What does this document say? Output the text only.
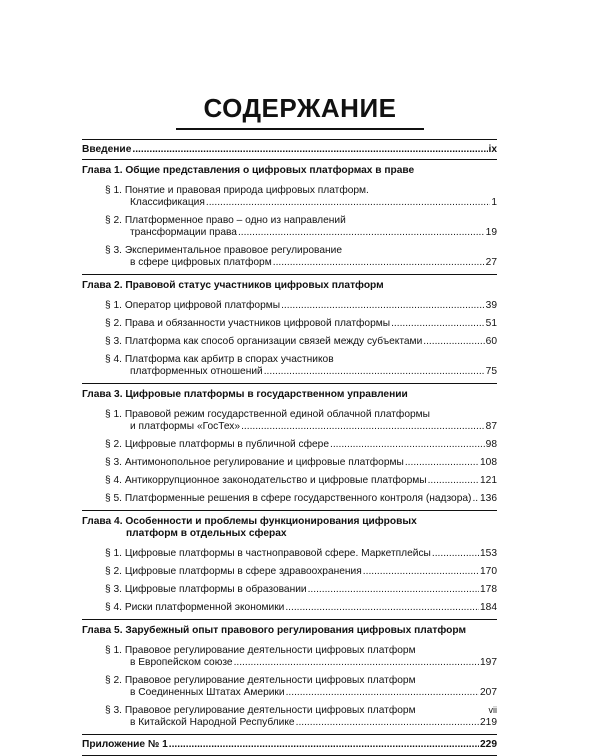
СОДЕРЖАНИЕ
Введение .....	ix
Глава 1. Общие представления о цифровых платформах в праве
§ 1. Понятие и правовая природа цифровых платформ.
Классификация .....	1
§ 2. Платформенное право – одно из направлений
трансформации права .....	19
§ 3. Экспериментальное правовое регулирование
в сфере цифровых платформ .....	27
Глава 2. Правовой статус участников цифровых платформ
§ 1. Оператор цифровой платформы .....	39
§ 2. Права и обязанности участников цифровой платформы .....	51
§ 3. Платформа как способ организации связей между субъектами .....	60
§ 4. Платформа как арбитр в спорах участников
платформенных отношений .....	75
Глава 3. Цифровые платформы в государственном управлении
§ 1. Правовой режим государственной единой облачной платформы
и платформы «ГосТех» .....	87
§ 2. Цифровые платформы в публичной сфере .....	98
§ 3. Антимонопольное регулирование и цифровые платформы .....	108
§ 4. Антикоррупционное законодательство и цифровые платформы .....	121
§ 5. Платформенные решения в сфере государственного контроля (надзора) ..... 136
Глава 4. Особенности и проблемы функционирования цифровых
платформ в отдельных сферах
§ 1. Цифровые платформы в частноправовой сфере. Маркетплейсы .....	153
§ 2. Цифровые платформы в сфере здравоохранения .....	170
§ 3. Цифровые платформы в образовании .....	178
§ 4. Риски платформенной экономики .....	184
Глава 5. Зарубежный опыт правового регулирования цифровых платформ
§ 1. Правовое регулирование деятельности цифровых платформ
в Европейском союзе .....	197
§ 2. Правовое регулирование деятельности цифровых платформ
в Соединенных Штатах Америки .....	207
§ 3. Правовое регулирование деятельности цифровых платформ
в Китайской Народной Республике .....	219
Приложение № 1 .....	229
vii
